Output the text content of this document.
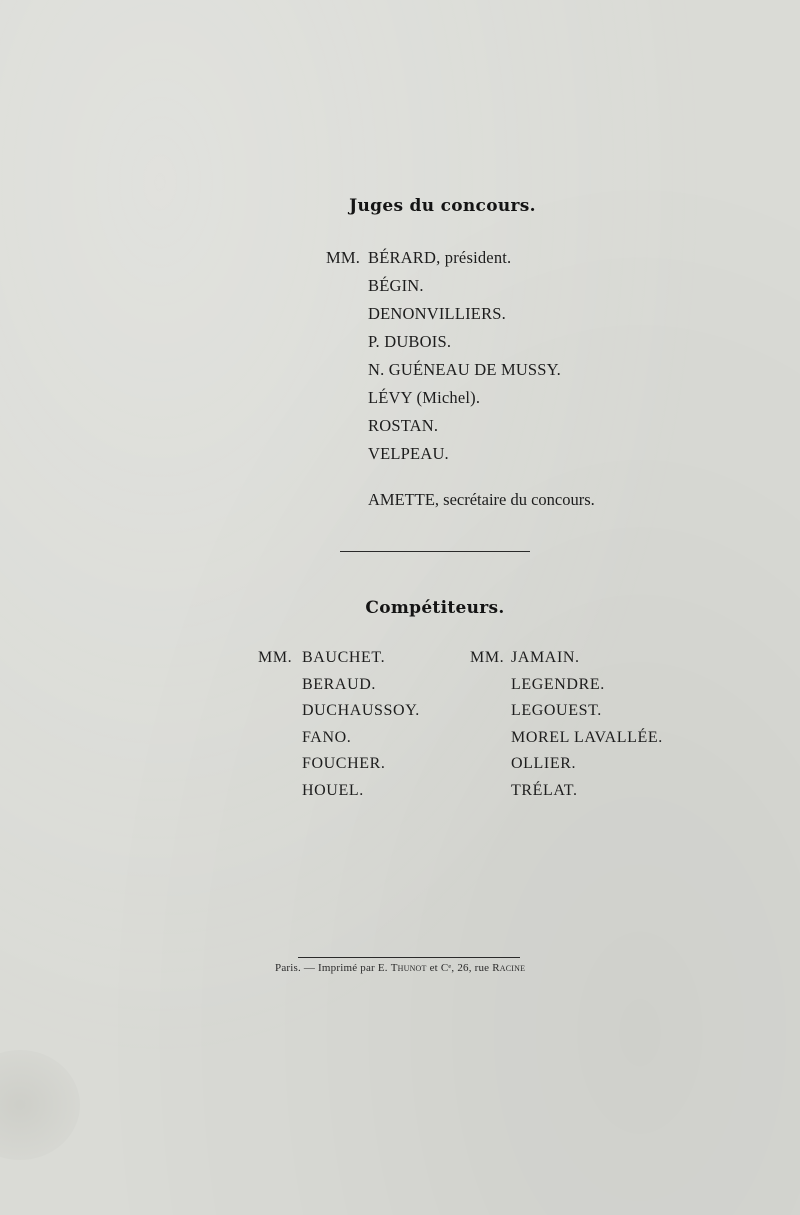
Juges du concours.
MM. BÉRARD, président.
BÉGIN.
DENONVILLIERS.
P. DUBOIS.
N. GUÉNEAU DE MUSSY.
LÉVY (Michel).
ROSTAN.
VELPEAU.
AMETTE, secrétaire du concours.
Compétiteurs.
MM. BAUCHET.
BERAUD.
DUCHAUSSOY.
FANO.
FOUCHER.
HOUEL.
MM. JAMAIN.
LEGENDRE.
LEGOUEST.
MOREL LAVALLÉE.
OLLIER.
TRÉLAT.
Paris. — Imprimé par E. Thunot et Cᵉ, 26, rue Racine
